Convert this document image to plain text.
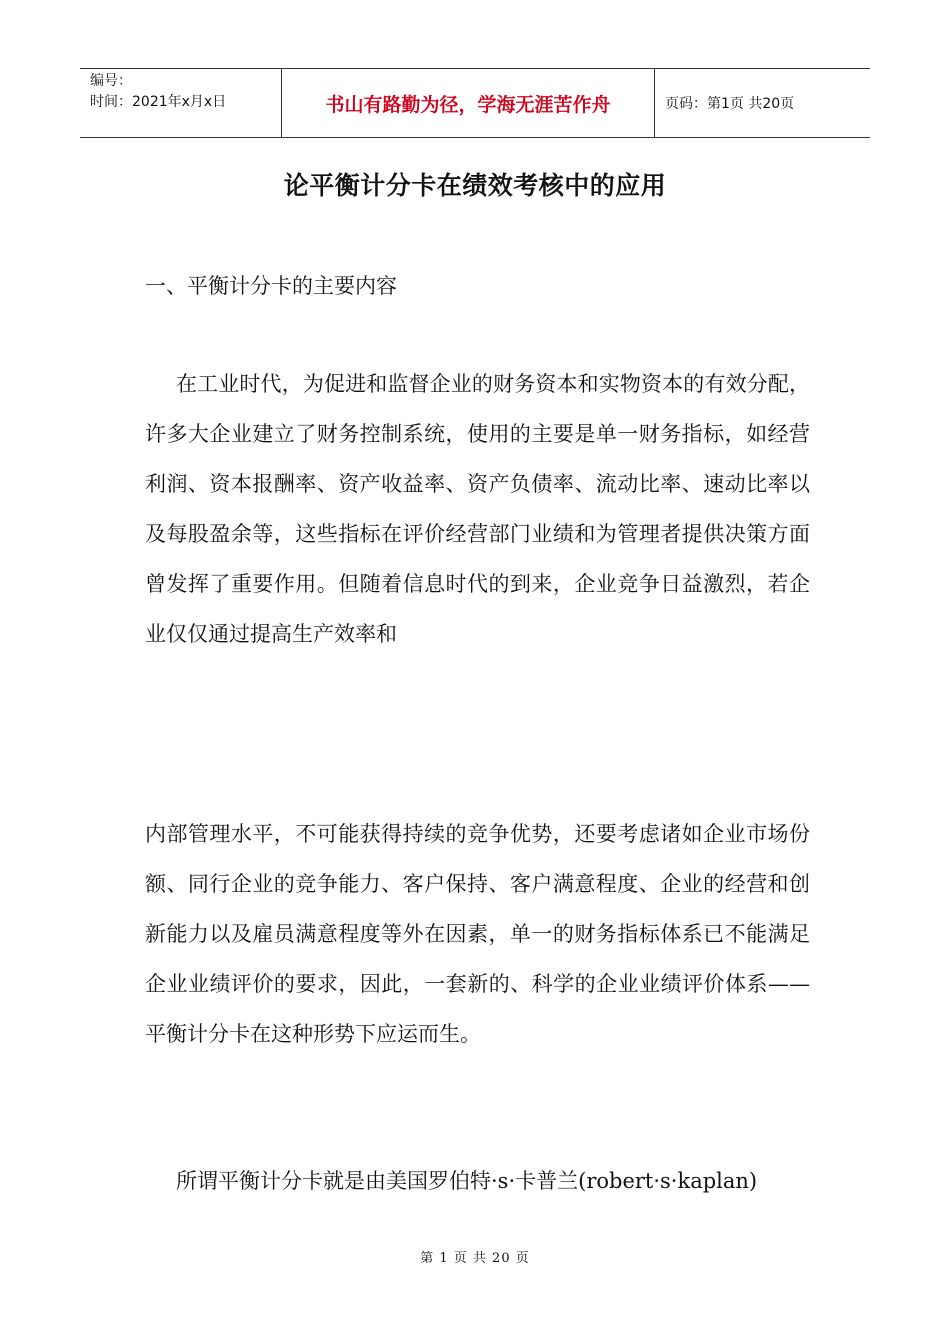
编号：
时间：2021年x月x日	书山有路勤为径，学海无涯苦作舟	页码：第1页 共20页
论平衡计分卡在绩效考核中的应用
一、平衡计分卡的主要内容

在工业时代，为促进和监督企业的财务资本和实物资本的有效分配，许多大企业建立了财务控制系统，使用的主要是单一财务指标，如经营利润、资本报酬率、资产收益率、资产负债率、流动比率、速动比率以及每股盈余等，这些指标在评价经营部门业绩和为管理者提供决策方面曾发挥了重要作用。但随着信息时代的到来，企业竞争日益激烈，若企业仅仅通过提高生产效率和

内部管理水平，不可能获得持续的竞争优势，还要考虑诸如企业市场份额、同行企业的竞争能力、客户保持、客户满意程度、企业的经营和创新能力以及雇员满意程度等外在因素，单一的财务指标体系已不能满足企业业绩评价的要求，因此，一套新的、科学的企业业绩评价体系——平衡计分卡在这种形势下应运而生。

所谓平衡计分卡就是由美国罗伯特·s·卡普兰(robert·s·kaplan)

第 1 页 共 20 页
